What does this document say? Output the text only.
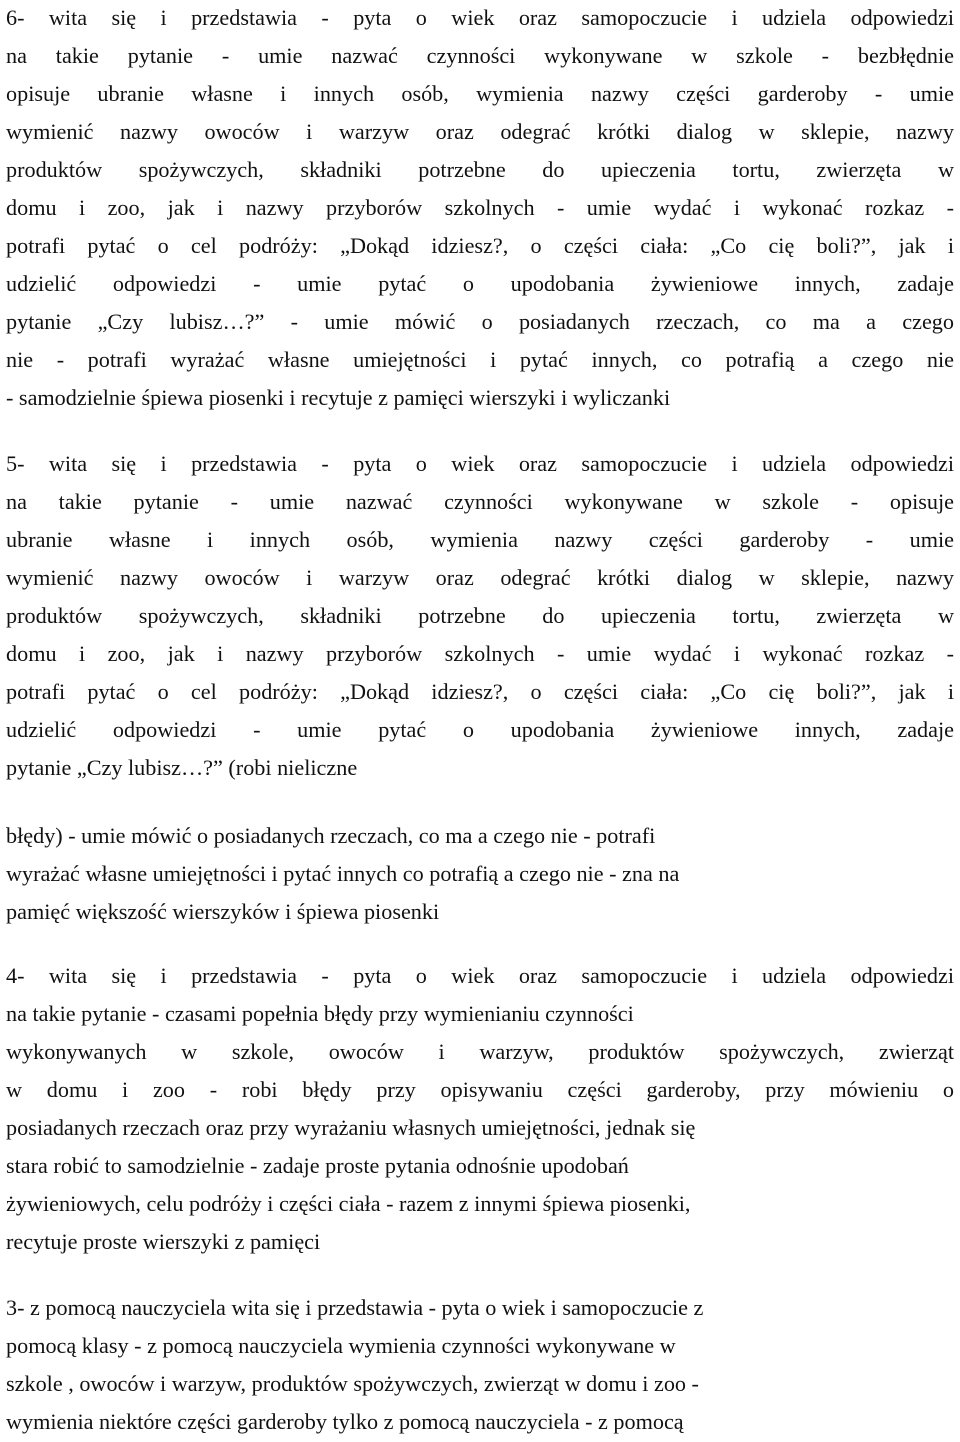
6- wita się i przedstawia - pyta o wiek oraz samopoczucie i udziela odpowiedzi
na takie pytanie - umie nazwać czynności wykonywane w szkole - bezbłędnie
opisuje ubranie własne i innych osób, wymienia nazwy części garderoby - umie
wymienić nazwy owoców i warzyw oraz odegrać krótki dialog w sklepie, nazwy
produktów spożywczych, składniki potrzebne do upieczenia tortu, zwierzęta w
domu i zoo, jak i nazwy przyborów szkolnych - umie wydać i wykonać rozkaz -
potrafi pytać o cel podróży: „Dokąd idziesz?, o części ciała: „Co cię boli?”, jak i
udzielić odpowiedzi - umie pytać o upodobania żywieniowe innych, zadaje
pytanie „Czy lubisz…?” - umie mówić o posiadanych rzeczach, co ma a czego
nie - potrafi wyrażać własne umiejętności i pytać innych, co potrafią a czego nie
- samodzielnie śpiewa piosenki i recytuje z pamięci wierszyki i wyliczanki
5- wita się i przedstawia - pyta o wiek oraz samopoczucie i udziela odpowiedzi
na takie pytanie - umie nazwać czynności wykonywane w szkole - opisuje
ubranie własne i innych osób, wymienia nazwy części garderoby - umie
wymienić nazwy owoców i warzyw oraz odegrać krótki dialog w sklepie, nazwy
produktów spożywczych, składniki potrzebne do upieczenia tortu, zwierzęta w
domu i zoo, jak i nazwy przyborów szkolnych - umie wydać i wykonać rozkaz -
potrafi pytać o cel podróży: „Dokąd idziesz?, o części ciała: „Co cię boli?”, jak i
udzielić odpowiedzi - umie pytać o upodobania żywieniowe innych, zadaje
pytanie „Czy lubisz…?” (robi nieliczne
błędy) - umie mówić o posiadanych rzeczach, co ma a czego nie - potrafi
wyrażać własne umiejętności i pytać innych co potrafią a czego nie - zna na
pamięć większość wierszyków i śpiewa piosenki
4- wita się i przedstawia - pyta o wiek oraz samopoczucie i udziela odpowiedzi
na takie pytanie - czasami popełnia błędy przy wymienianiu czynności
wykonywanych w szkole, owoców i warzyw, produktów spożywczych, zwierząt
w domu i zoo - robi błędy przy opisywaniu części garderoby, przy mówieniu o
posiadanych rzeczach oraz przy wyrażaniu własnych umiejętności, jednak się
stara robić to samodzielnie - zadaje proste pytania odnośnie upodobań
żywieniowych, celu podróży i części ciała - razem z innymi śpiewa piosenki,
recytuje proste wierszyki z pamięci
3- z pomocą nauczyciela wita się i przedstawia - pyta o wiek i samopoczucie z
pomocą klasy - z pomocą nauczyciela wymienia czynności wykonywane w
szkole , owoców i warzyw, produktów spożywczych, zwierząt w domu i zoo -
wymienia niektóre części garderoby tylko z pomocą nauczyciela - z pomocą
